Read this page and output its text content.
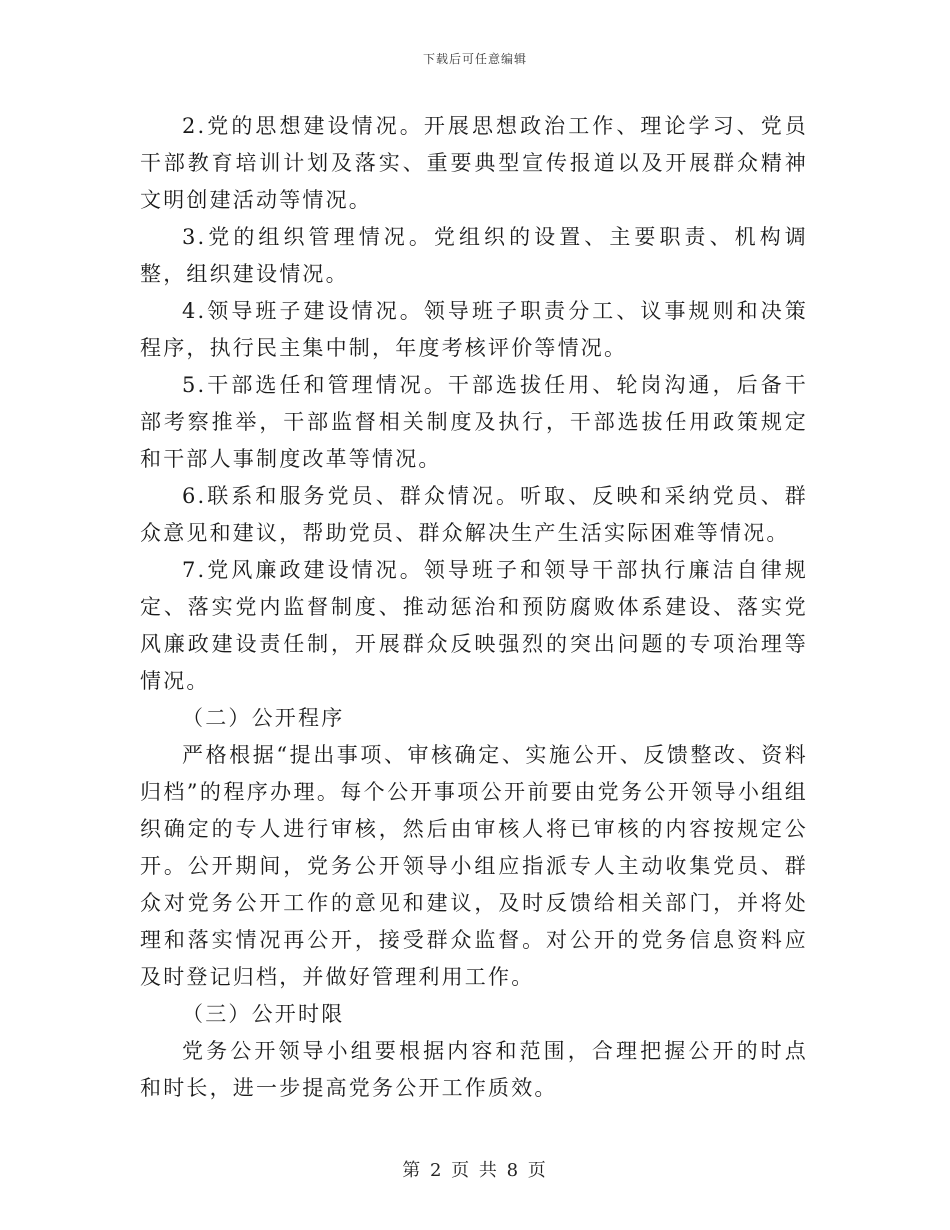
下载后可任意编辑

2.党的思想建设情况。开展思想政治工作、理论学习、党员干部教育培训计划及落实、重要典型宣传报道以及开展群众精神文明创建活动等情况。

3.党的组织管理情况。党组织的设置、主要职责、机构调整，组织建设情况。

4.领导班子建设情况。领导班子职责分工、议事规则和决策程序，执行民主集中制，年度考核评价等情况。

5.干部选任和管理情况。干部选拔任用、轮岗沟通，后备干部考察推举，干部监督相关制度及执行，干部选拔任用政策规定和干部人事制度改革等情况。

6.联系和服务党员、群众情况。听取、反映和采纳党员、群众意见和建议，帮助党员、群众解决生产生活实际困难等情况。

7.党风廉政建设情况。领导班子和领导干部执行廉洁自律规定、落实党内监督制度、推动惩治和预防腐败体系建设、落实党风廉政建设责任制，开展群众反映强烈的突出问题的专项治理等情况。

（二）公开程序

严格根据“提出事项、审核确定、实施公开、反馈整改、资料归档”的程序办理。每个公开事项公开前要由党务公开领导小组组织确定的专人进行审核，然后由审核人将已审核的内容按规定公开。公开期间，党务公开领导小组应指派专人主动收集党员、群众对党务公开工作的意见和建议，及时反馈给相关部门，并将处理和落实情况再公开，接受群众监督。对公开的党务信息资料应及时登记归档，并做好管理利用工作。

（三）公开时限

党务公开领导小组要根据内容和范围，合理把握公开的时点和时长，进一步提高党务公开工作质效。

第 2 页 共 8 页
